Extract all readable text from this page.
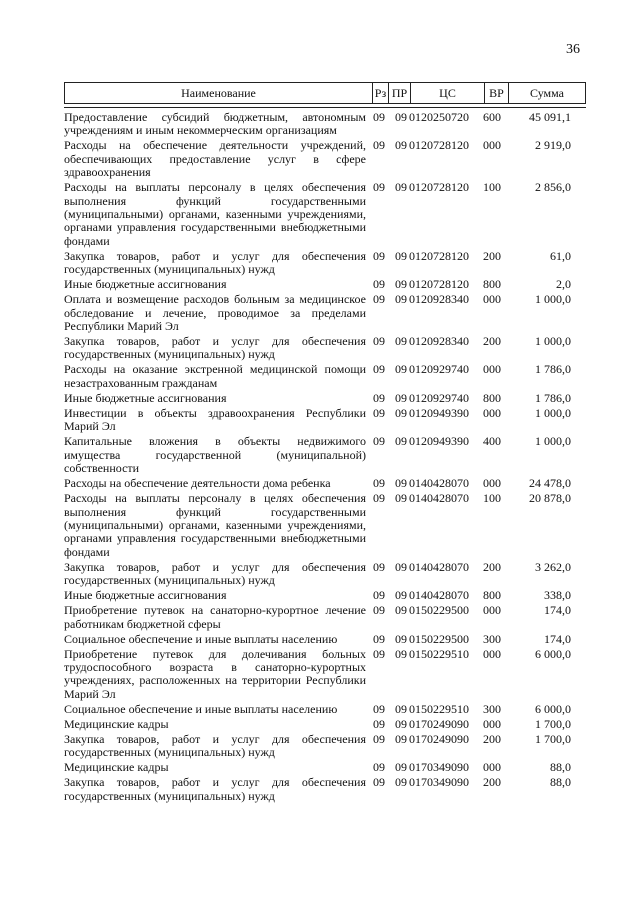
36
Наименование	Рз ПР	ЦС	ВР	Сумма
Предоставление субсидий бюджетным, автономным учреждениям и иным некоммерческим организациям
09 09 0120250720	600	45 091,1
Расходы на обеспечение деятельности учреждений, обеспечивающих предоставление услуг в сфере здравоохранения
09 09 0120728120	000	2 919,0
Расходы на выплаты персоналу в целях обеспечения выполнения функций государственными (муниципальными) органами, казенными учреждениями, органами управления государственными внебюджетными фондами
09 09 0120728120	100	2 856,0
Закупка товаров, работ и услуг для обеспечения государственных (муниципальных) нужд
09 09 0120728120	200	61,0
Иные бюджетные ассигнования	09 09 0120728120	800	2,0
Оплата и возмещение расходов больным за медицинское обследование и лечение, проводимое за пределами Республики Марий Эл
09 09 0120928340	000	1 000,0
Закупка товаров, работ и услуг для обеспечения государственных (муниципальных) нужд
09 09 0120928340	200	1 000,0
Расходы на оказание экстренной медицинской помощи незастрахованным гражданам
09 09 0120929740	000	1 786,0
Иные бюджетные ассигнования	09 09 0120929740	800	1 786,0
Инвестиции в объекты здравоохранения Республики Марий Эл
09 09 0120949390	000	1 000,0
Капитальные вложения в объекты недвижимого имущества государственной (муниципальной) собственности
09 09 0120949390	400	1 000,0
Расходы на обеспечение деятельности дома ребенка	09 09 0140428070	000	24 478,0
Расходы на выплаты персоналу в целях обеспечения выполнения функций государственными (муниципальными) органами, казенными учреждениями, органами управления государственными внебюджетными фондами
09 09 0140428070	100	20 878,0
Закупка товаров, работ и услуг для обеспечения государственных (муниципальных) нужд
09 09 0140428070	200	3 262,0
Иные бюджетные ассигнования	09 09 0140428070	800	338,0
Приобретение путевок на санаторно-курортное лечение работникам бюджетной сферы
09 09 0150229500	000	174,0
Социальное обеспечение и иные выплаты населению	09 09 0150229500	300	174,0
Приобретение путевок для долечивания больных трудоспособного возраста в санаторно-курортных учреждениях, расположенных на территории Республики Марий Эл
09 09 0150229510	000	6 000,0
Социальное обеспечение и иные выплаты населению	09 09 0150229510	300	6 000,0
Медицинские кадры	09 09 0170249090	000	1 700,0
Закупка товаров, работ и услуг для обеспечения государственных (муниципальных) нужд
09 09 0170249090	200	1 700,0
Медицинские кадры	09 09 0170349090	000	88,0
Закупка товаров, работ и услуг для обеспечения государственных (муниципальных) нужд
09 09 0170349090	200	88,0
